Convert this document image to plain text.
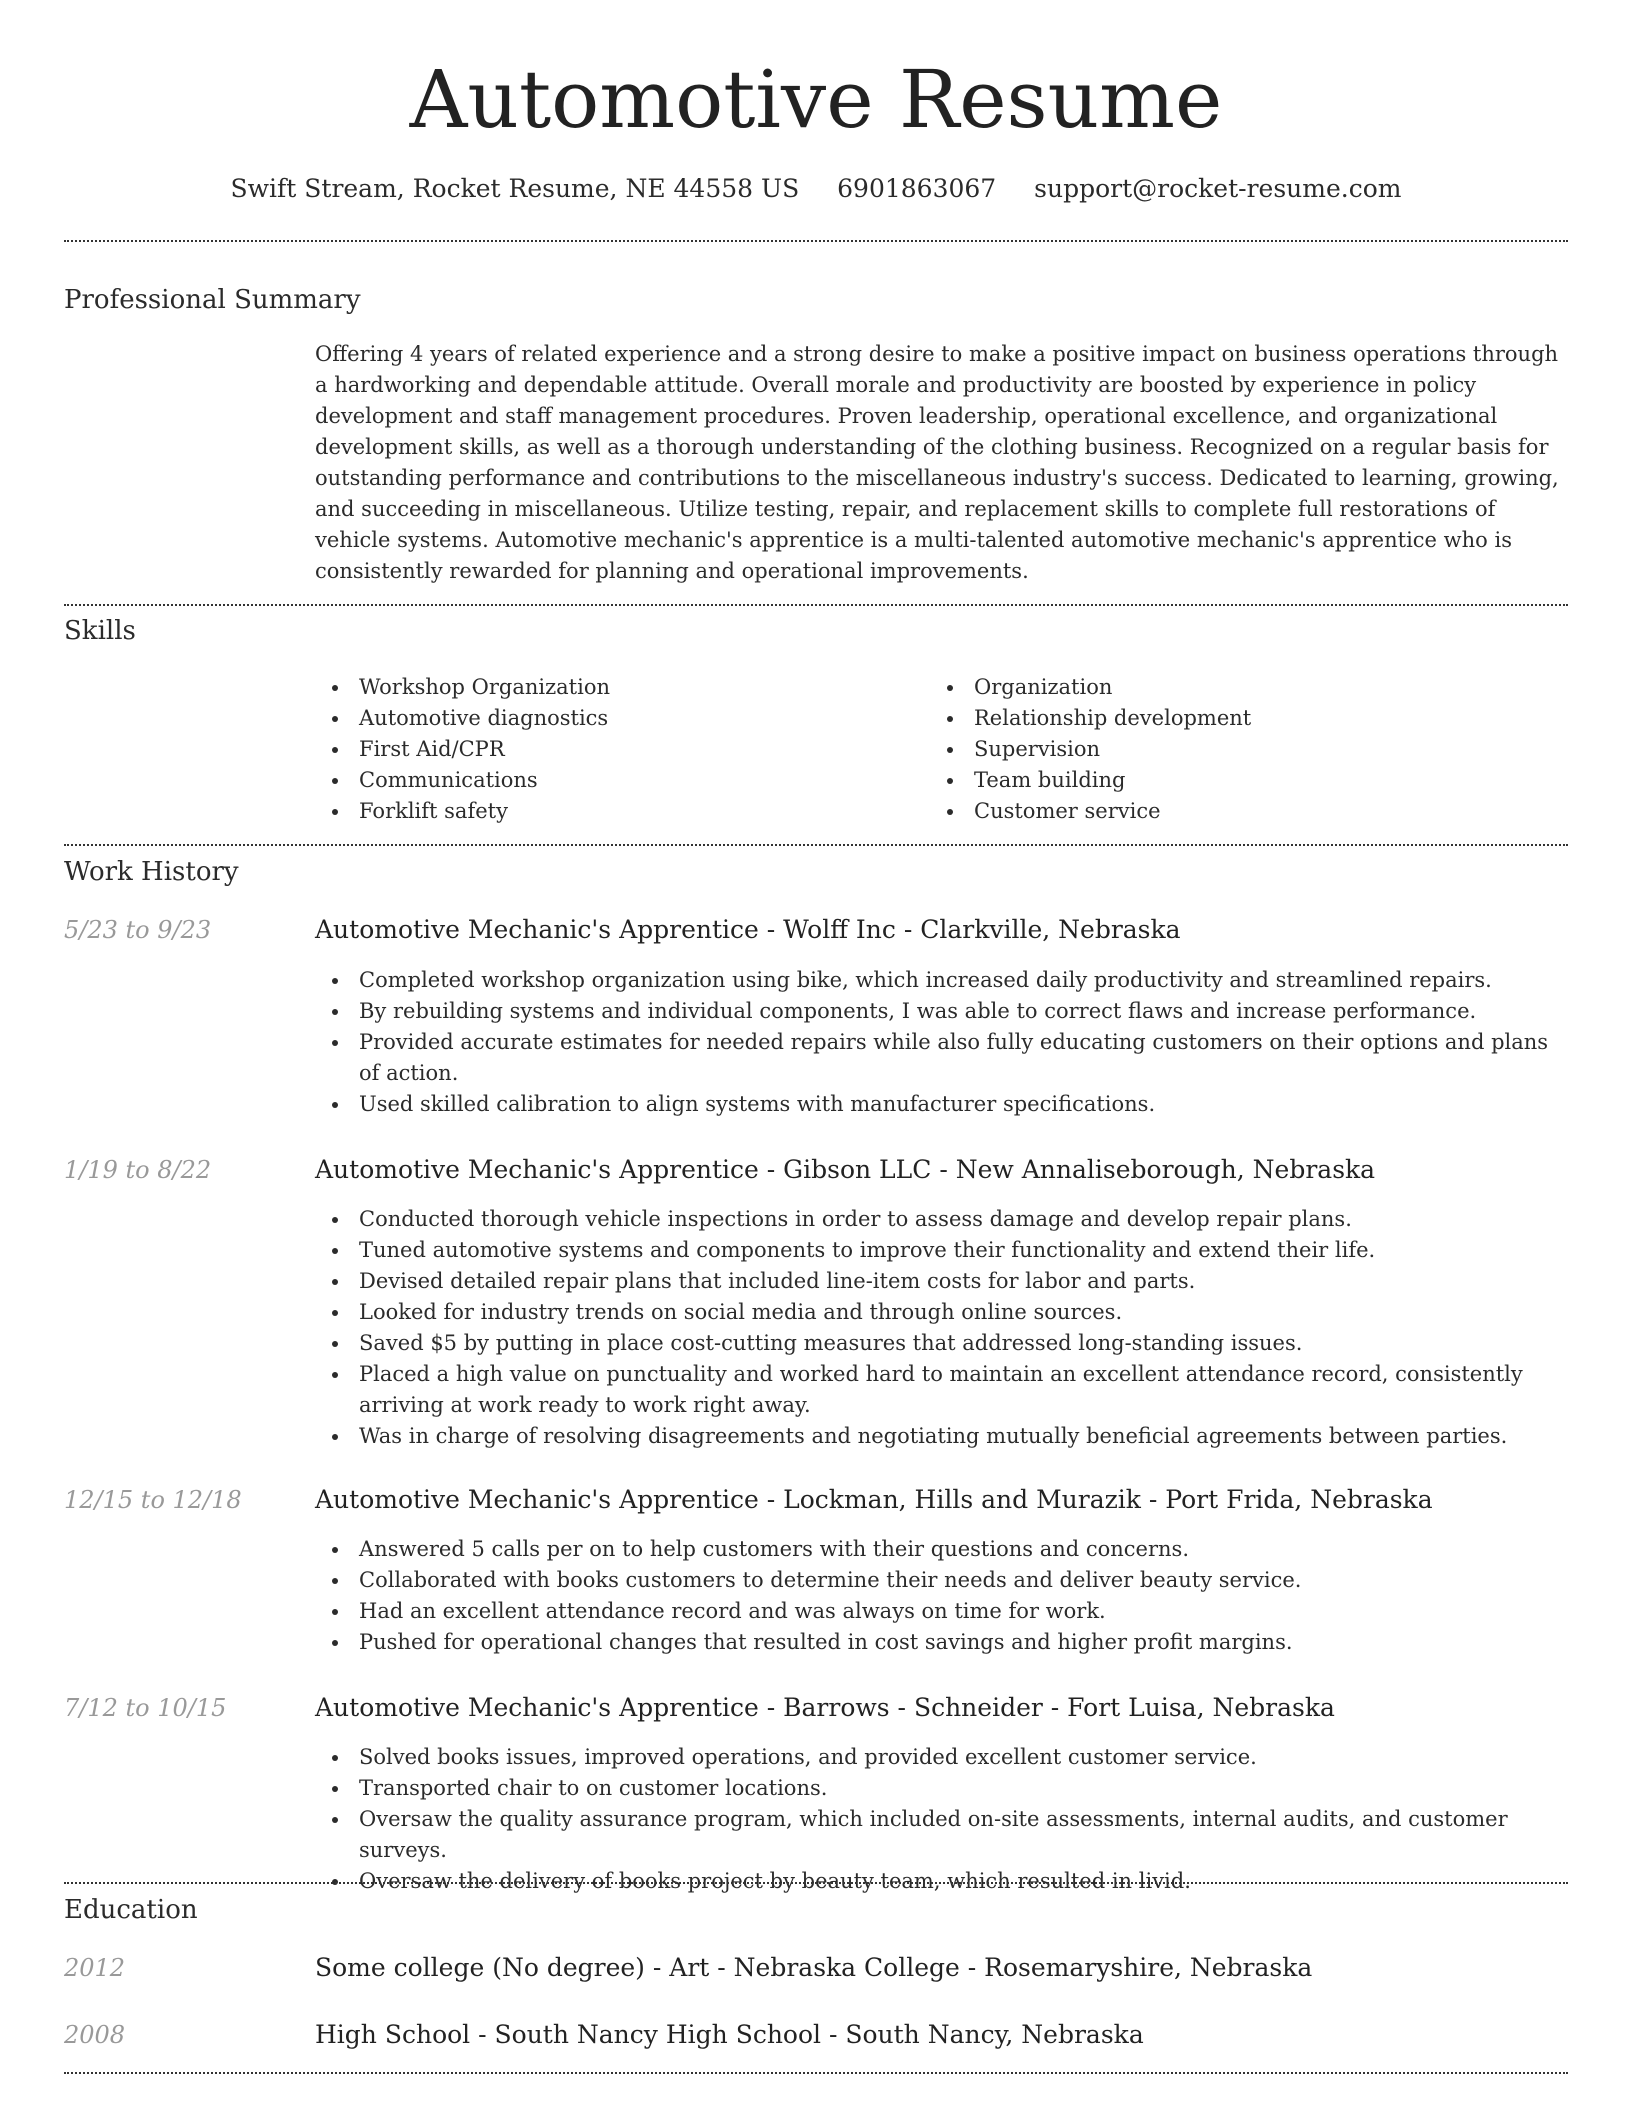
Automotive Resume
Swift Stream, Rocket Resume, NE 44558 US 6901863067 support@rocket-resume.com
Professional Summary

Offering 4 years of related experience and a strong desire to make a positive impact on business operations through a hardworking and dependable attitude. Overall morale and productivity are boosted by experience in policy development and staff management procedures. Proven leadership, operational excellence, and organizational development skills, as well as a thorough understanding of the clothing business. Recognized on a regular basis for outstanding performance and contributions to the miscellaneous industry's success. Dedicated to learning, growing, and succeeding in miscellaneous. Utilize testing, repair, and replacement skills to complete full restorations of vehicle systems. Automotive mechanic's apprentice is a multi-talented automotive mechanic's apprentice who is consistently rewarded for planning and operational improvements.

Skills
Workshop Organization
Automotive diagnostics
First Aid/CPR
Communications
Forklift safety
Organization
Relationship development
Supervision
Team building
Customer service
Work History
5/23 to 9/23	Automotive Mechanic's Apprentice - Wolff Inc - Clarkville, Nebraska
Completed workshop organization using bike, which increased daily productivity and streamlined repairs.
By rebuilding systems and individual components, I was able to correct flaws and increase performance.
Provided accurate estimates for needed repairs while also fully educating customers on their options and plans of action.
Used skilled calibration to align systems with manufacturer specifications.
1/19 to 8/22	Automotive Mechanic's Apprentice - Gibson LLC - New Annaliseborough, Nebraska
Conducted thorough vehicle inspections in order to assess damage and develop repair plans.
Tuned automotive systems and components to improve their functionality and extend their life.
Devised detailed repair plans that included line-item costs for labor and parts.
Looked for industry trends on social media and through online sources.
Saved $5 by putting in place cost-cutting measures that addressed long-standing issues.
Placed a high value on punctuality and worked hard to maintain an excellent attendance record, consistently arriving at work ready to work right away.
Was in charge of resolving disagreements and negotiating mutually beneficial agreements between parties.
12/15 to 12/18	Automotive Mechanic's Apprentice - Lockman, Hills and Murazik - Port Frida, Nebraska
Answered 5 calls per on to help customers with their questions and concerns.
Collaborated with books customers to determine their needs and deliver beauty service.
Had an excellent attendance record and was always on time for work.
Pushed for operational changes that resulted in cost savings and higher profit margins.
7/12 to 10/15	Automotive Mechanic's Apprentice - Barrows - Schneider - Fort Luisa, Nebraska
Solved books issues, improved operations, and provided excellent customer service.
Transported chair to on customer locations.
Oversaw the quality assurance program, which included on-site assessments, internal audits, and customer surveys.
Oversaw the delivery of books project by beauty team, which resulted in livid.
Education
2012	Some college (No degree) - Art - Nebraska College - Rosemaryshire, Nebraska
2008	High School - South Nancy High School - South Nancy, Nebraska
